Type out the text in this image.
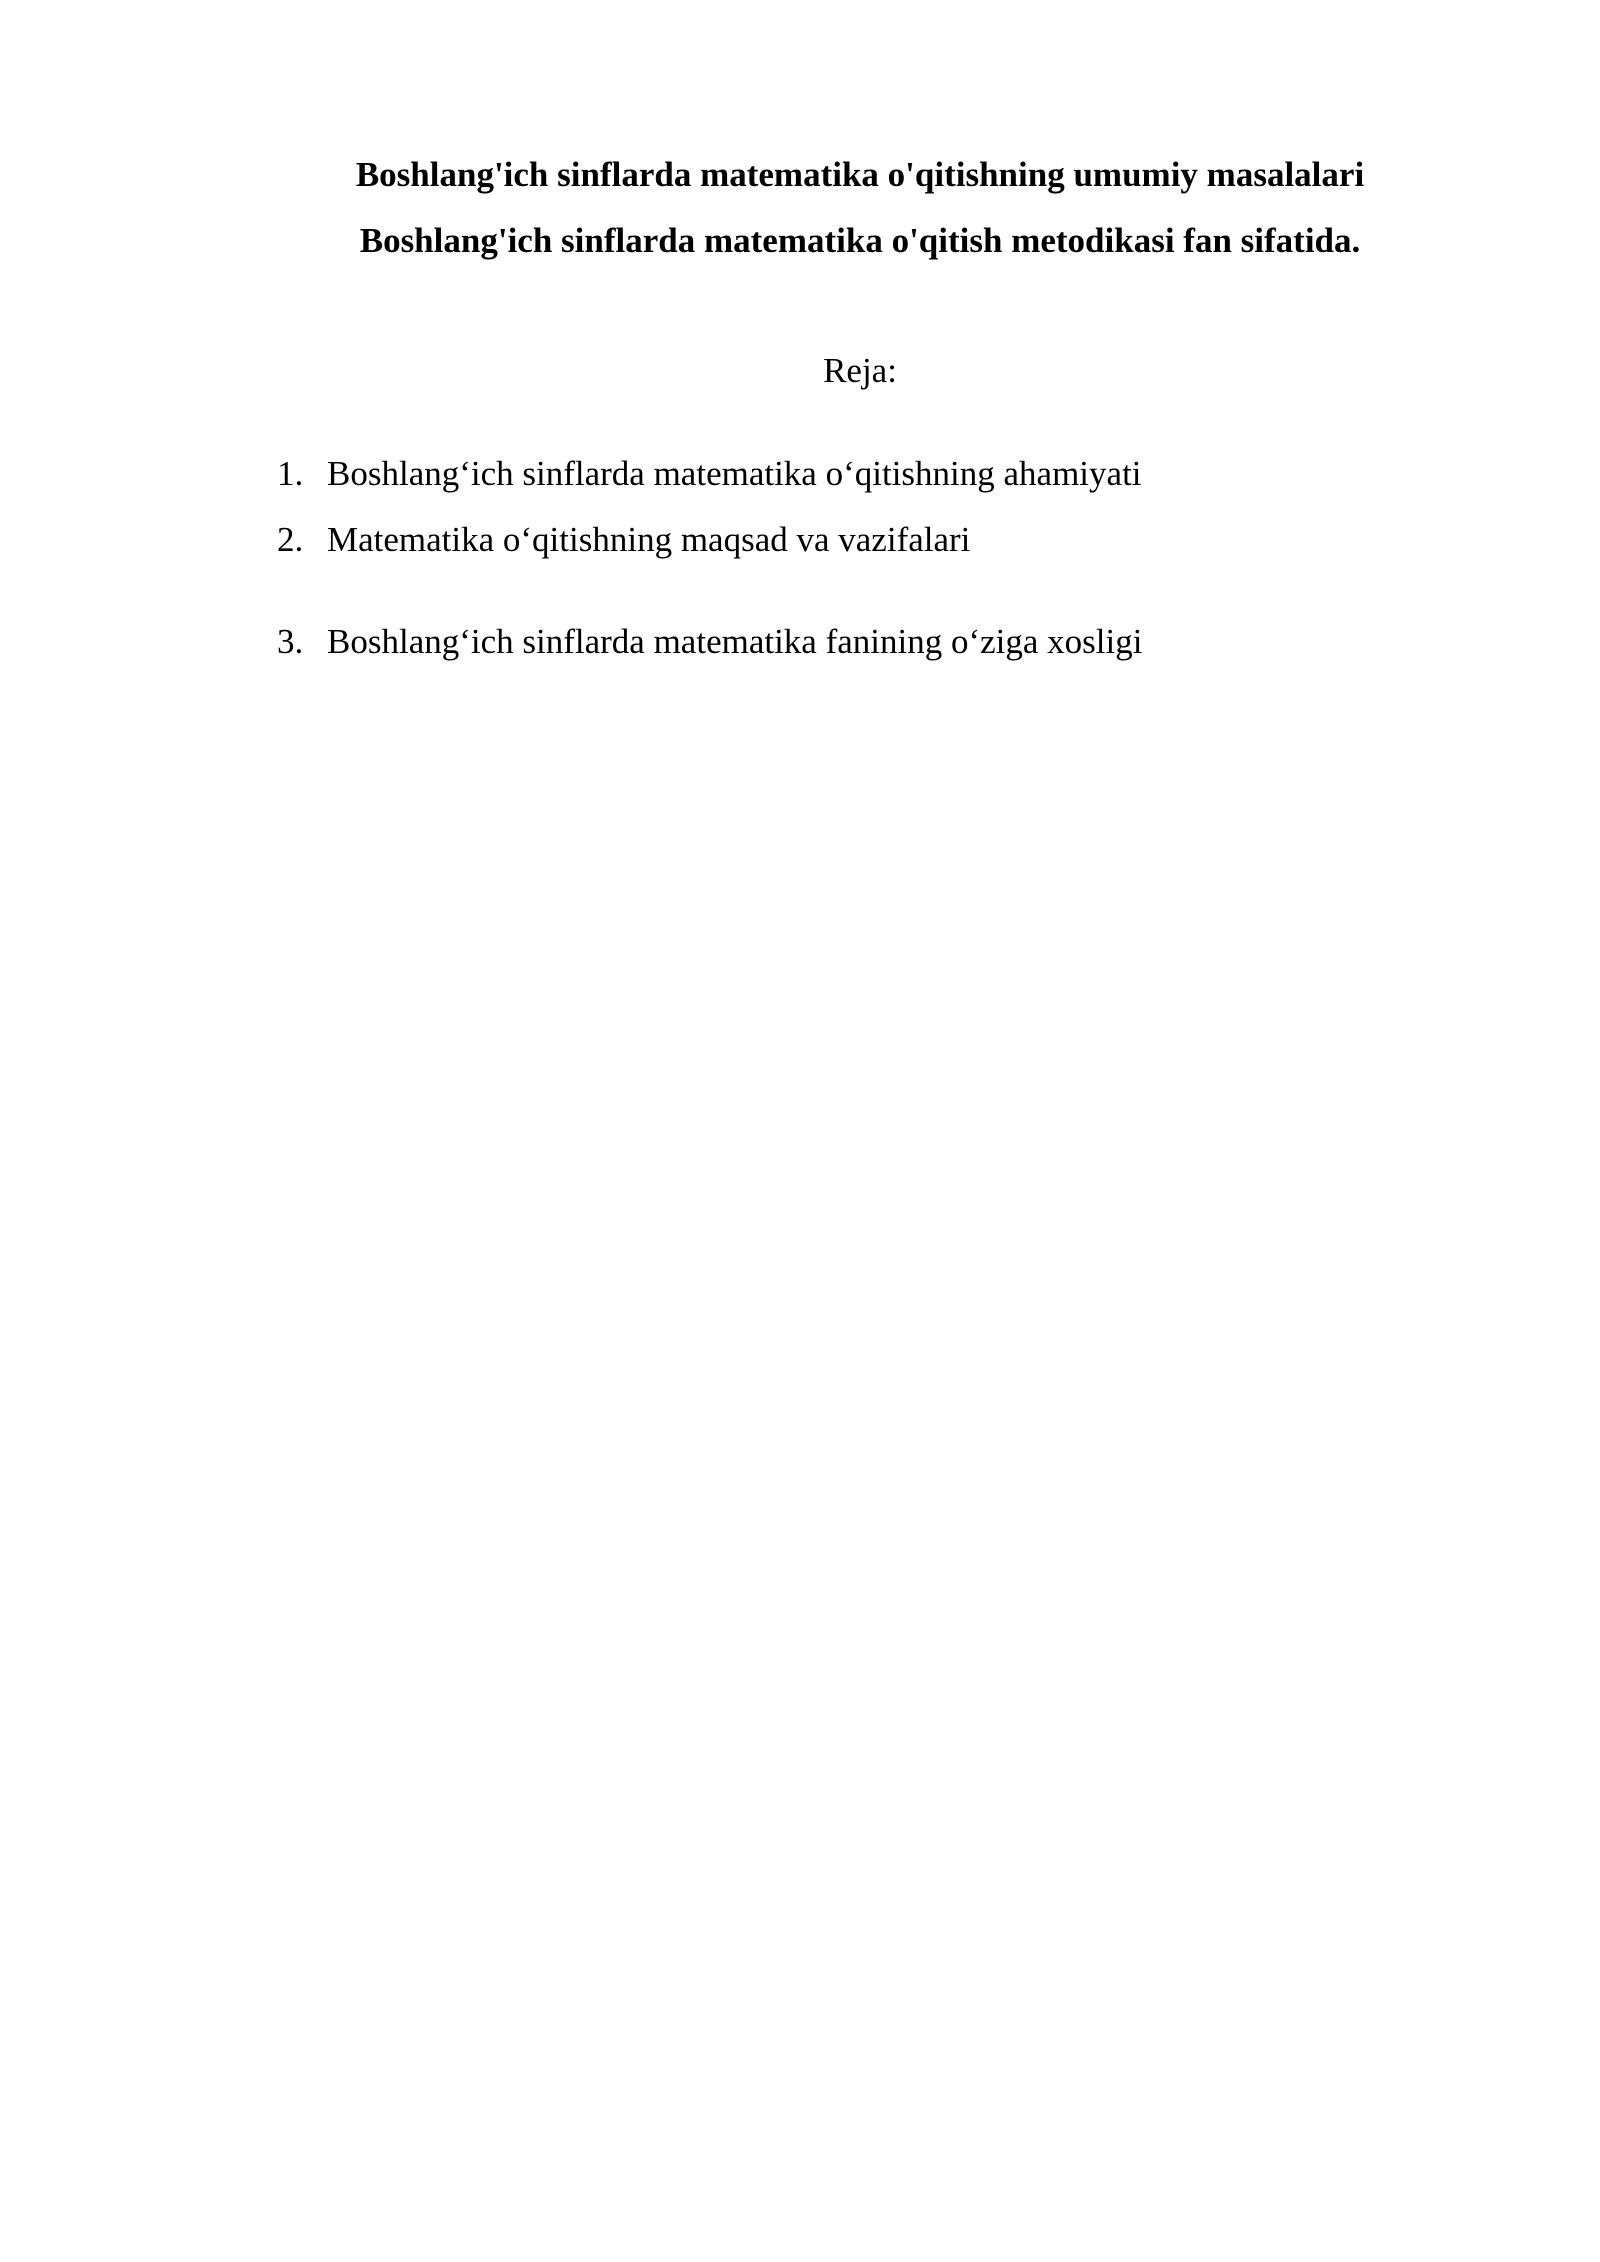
Boshlang'ich sinflarda matematika o'qitishning umumiy masalalari
Boshlang'ich sinflarda matematika o'qitish metodikasi fan sifatida.
Reja:
1. Boshlang‘ich sinflarda matematika o‘qitishning ahamiyati
2. Matematika o‘qitishning maqsad va vazifalari
3. Boshlang‘ich sinflarda matematika fanining o‘ziga xosligi
